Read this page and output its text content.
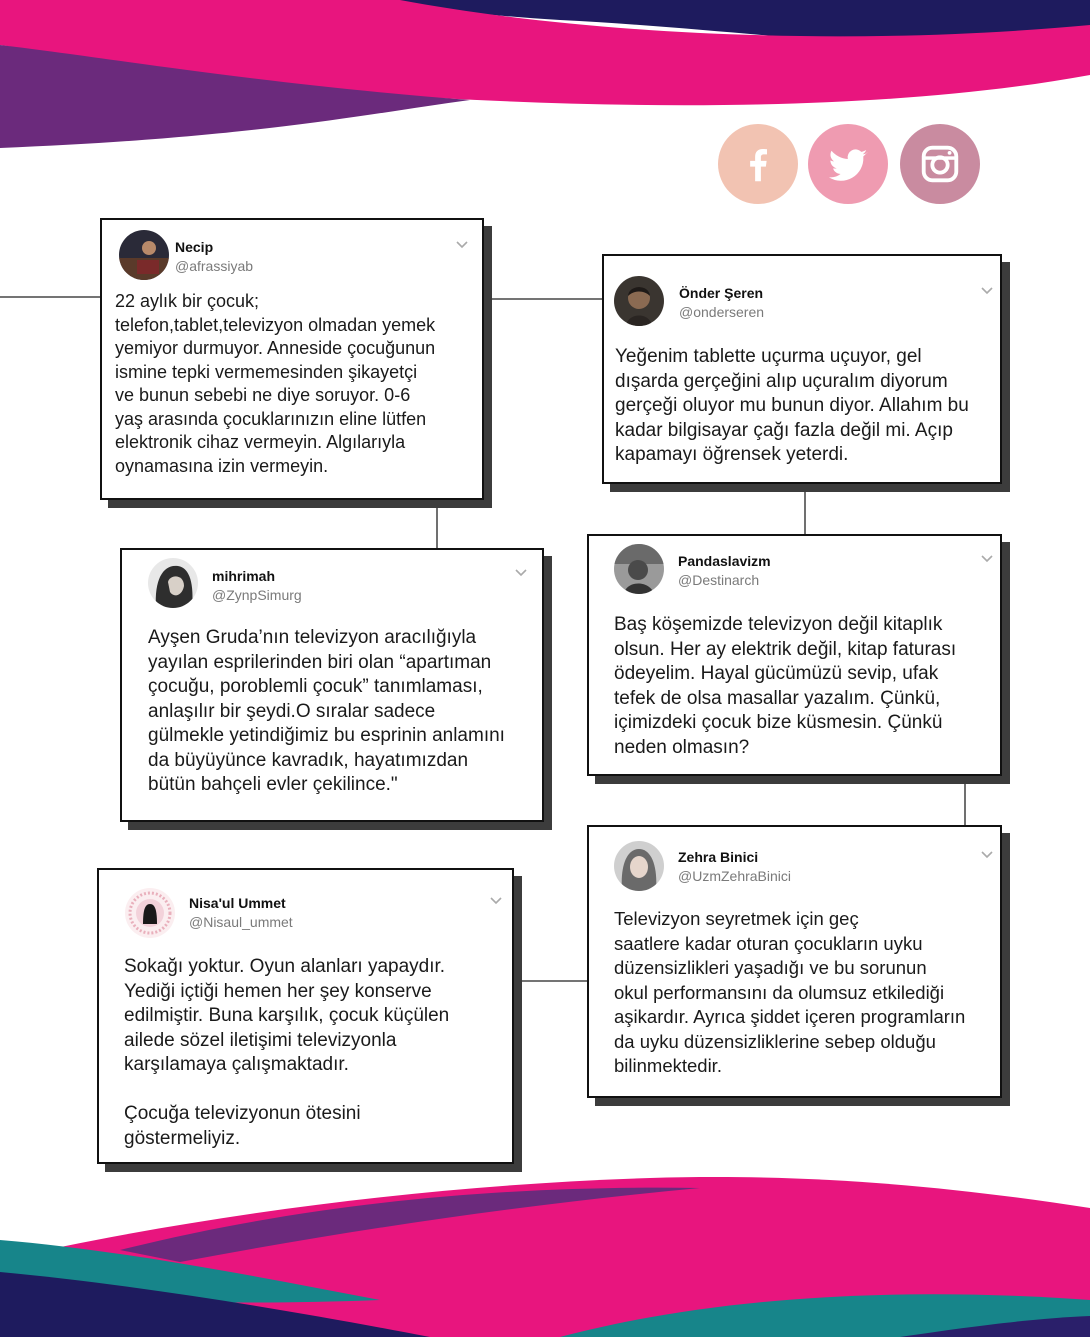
Necip
@afrassiyab
22 aylık bir çocuk;
telefon,tablet,televizyon olmadan yemek
yemiyor durmuyor. Anneside çocuğunun
ismine tepki vermemesinden şikayetçi
ve bunun sebebi ne diye soruyor. 0-6
yaş arasında çocuklarınızın eline lütfen
elektronik cihaz vermeyin. Algılarıyla
oynamasına izin vermeyin.
Önder Şeren
@onderseren
Yeğenim tablette uçurma uçuyor, gel
dışarda gerçeğini alıp uçuralım diyorum
gerçeği oluyor mu bunun diyor. Allahım bu
kadar bilgisayar çağı fazla değil mi. Açıp
kapamayı öğrensek yeterdi.
mihrimah
@ZynpSimurg
Ayşen Gruda’nın televizyon aracılığıyla
yayılan esprilerinden biri olan “apartıman
çocuğu, poroblemli çocuk” tanımlaması,
anlaşılır bir şeydi.O sıralar sadece
gülmekle yetindiğimiz bu esprinin anlamını
da büyüyünce kavradık, hayatımızdan
bütün bahçeli evler çekilince."
Pandaslavizm
@Destinarch
Baş köşemizde televizyon değil kitaplık
olsun. Her ay elektrik değil, kitap faturası
ödeyelim. Hayal gücümüzü sevip, ufak
tefek de olsa masallar yazalım. Çünkü,
içimizdeki çocuk bize küsmesin. Çünkü
neden olmasın?
Nisa'ul Ummet
@Nisaul_ummet
Sokağı yoktur. Oyun alanları yapaydır.
Yediği içtiği hemen her şey konserve
edilmiştir. Buna karşılık, çocuk küçülen
ailede sözel iletişimi televizyonla
karşılamaya çalışmaktadır.

Çocuğa televizyonun ötesini
göstermeliyiz.
Zehra Binici
@UzmZehraBinici
Televizyon seyretmek için geç
saatlere kadar oturan çocukların uyku
düzensizlikleri yaşadığı ve bu sorunun
okul performansını da olumsuz etkilediği
aşikardır. Ayrıca şiddet içeren programların
da uyku düzensizliklerine sebep olduğu
bilinmektedir.
